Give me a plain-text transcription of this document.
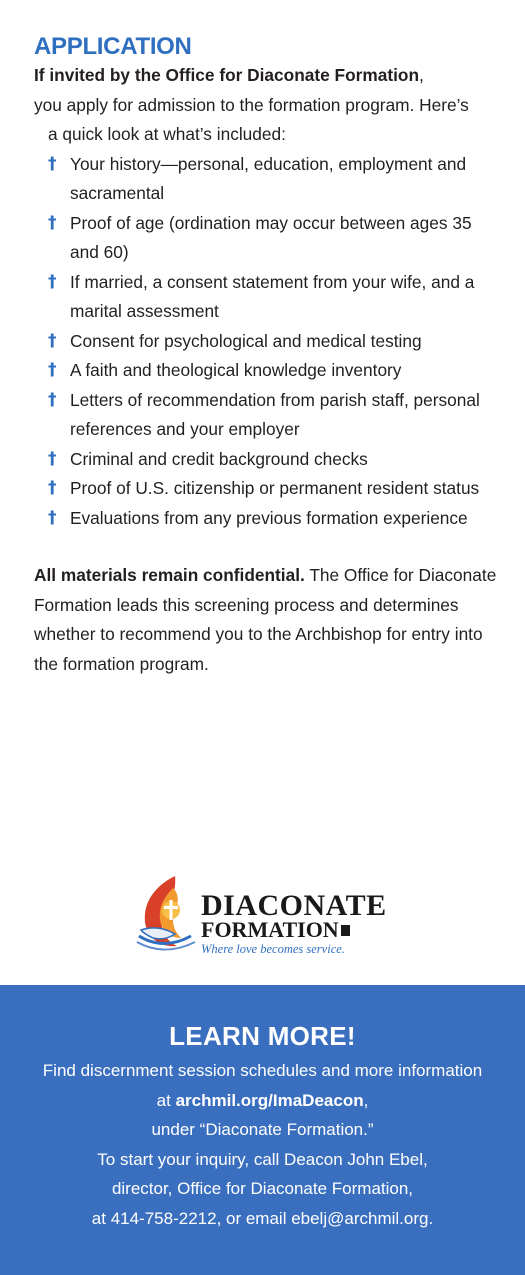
APPLICATION

If invited by the Office for Diaconate Formation,
you apply for admission to the formation program. Here’s
a quick look at what’s included:

† Your history—personal, education, employment and sacramental
† Proof of age (ordination may occur between ages 35 and 60)
† If married, a consent statement from your wife, and a marital assessment
† Consent for psychological and medical testing
† A faith and theological knowledge inventory
† Letters of recommendation from parish staff, personal references and your employer
† Criminal and credit background checks
† Proof of U.S. citizenship or permanent resident status
† Evaluations from any previous formation experience

All materials remain confidential. The Office for Diaconate Formation leads this screening process and determines whether to recommend you to the Archbishop for entry into the formation program.

DIACONATE
FORMATION
Where love becomes service.
LEARN MORE!

Find discernment session schedules and more information

at archmil.org/ImaDeacon,

under “Diaconate Formation.”

To start your inquiry, call Deacon John Ebel,

director, Office for Diaconate Formation,

at 414-758-2212, or email ebelj@archmil.org.
